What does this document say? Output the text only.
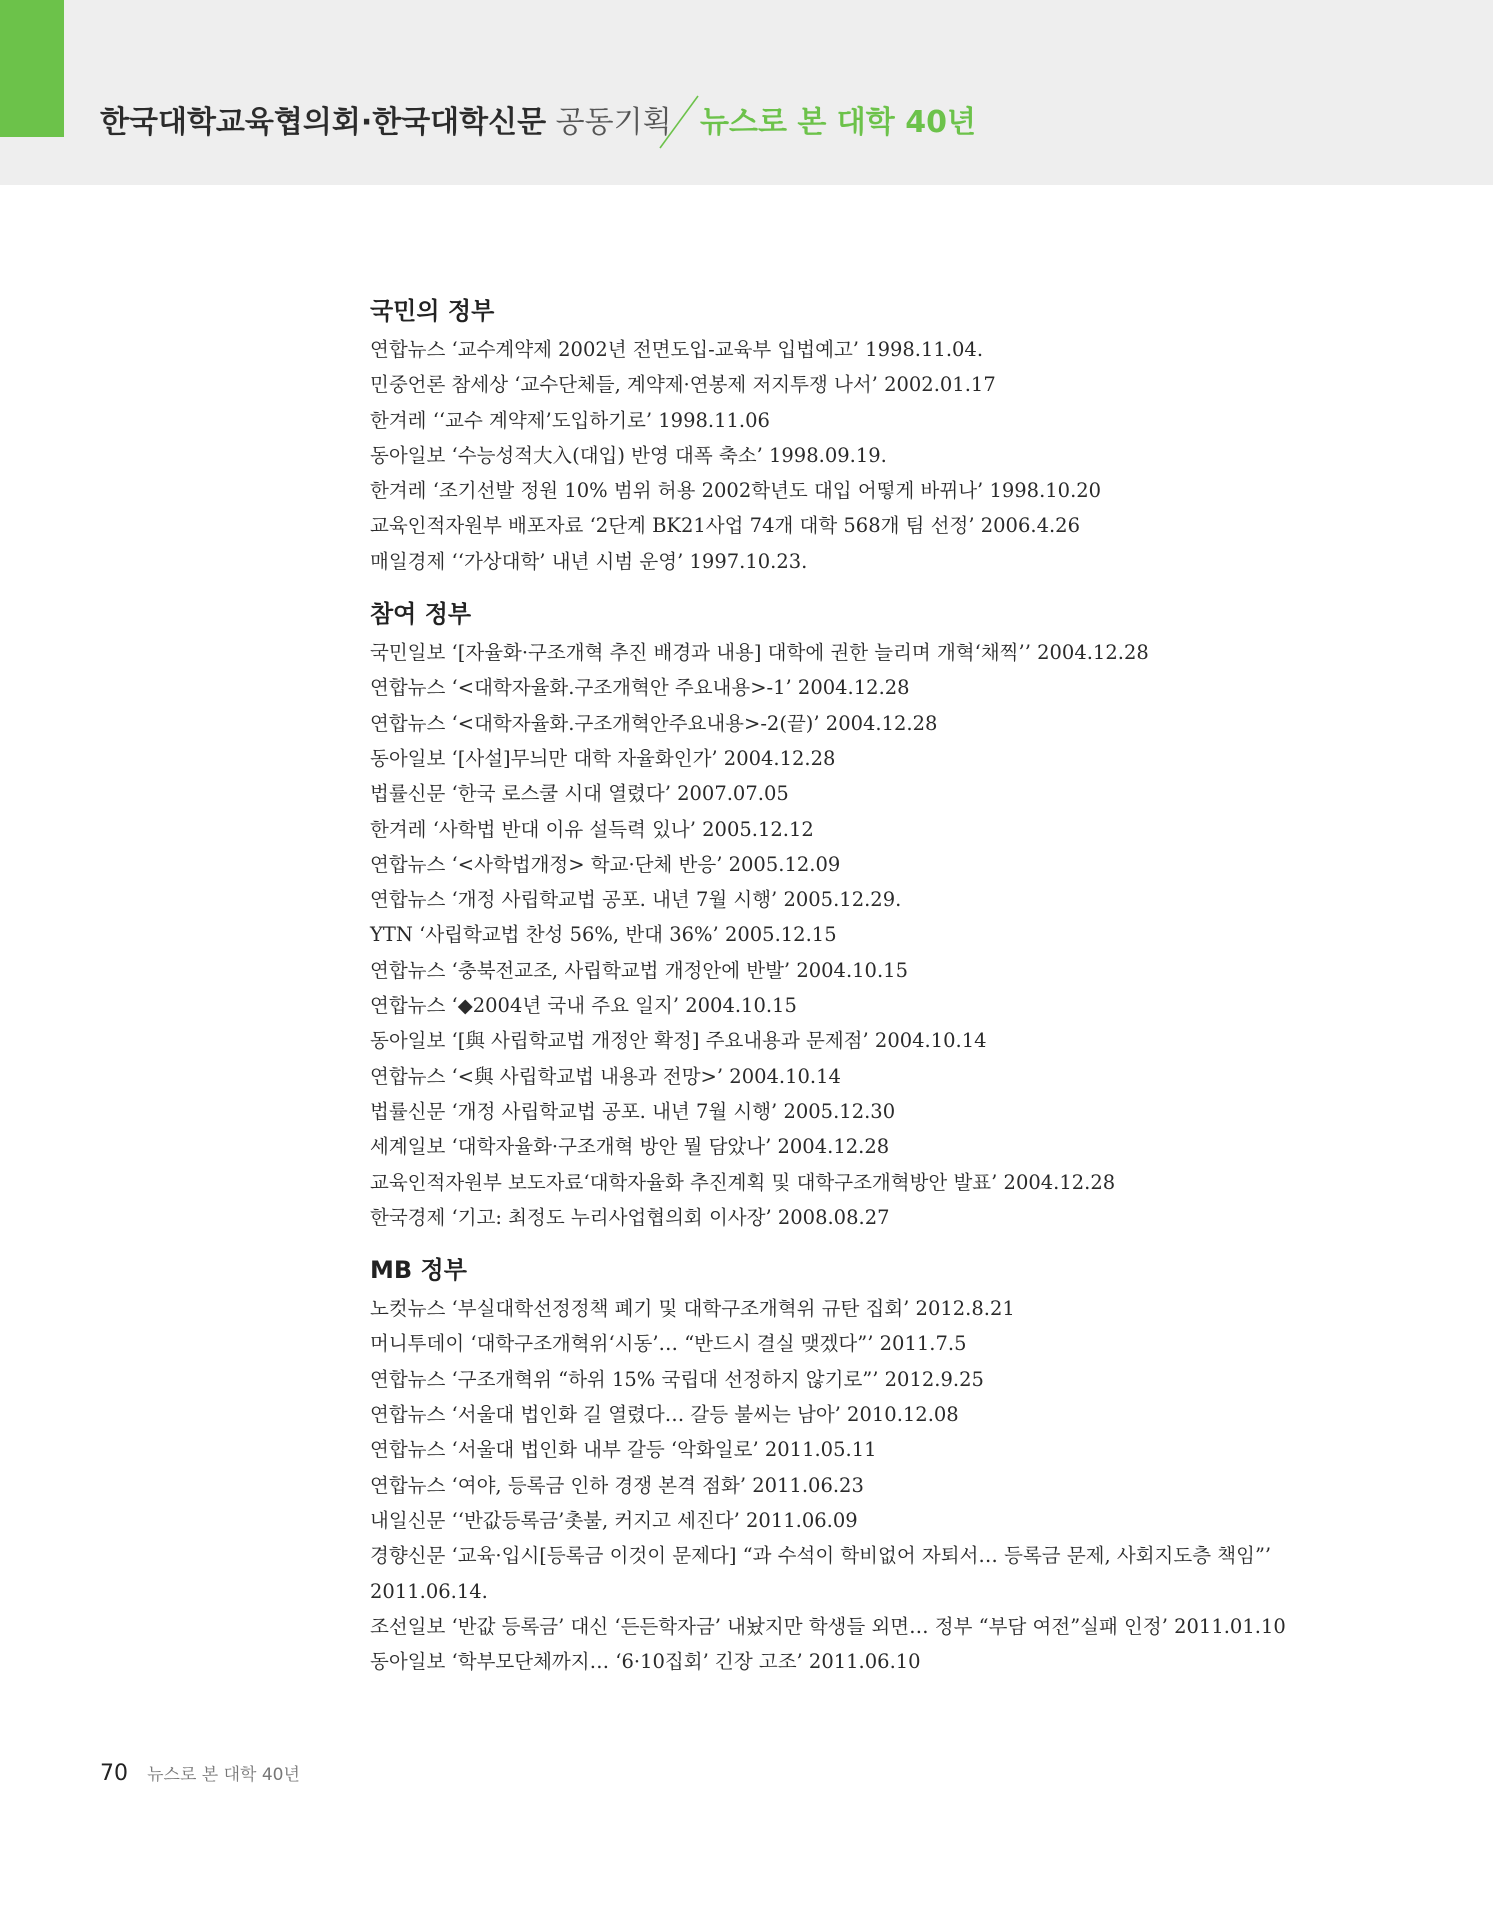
한국대학교육협의회·한국대학신문 공동기획 뉴스로 본 대학 40년
국민의 정부
연합뉴스 ‘교수계약제 2002년 전면도입-교육부 입법예고’ 1998.11.04.
민중언론 참세상 ‘교수단체들, 계약제·연봉제 저지투쟁 나서’ 2002.01.17
한겨레 ‘‘교수 계약제’도입하기로’ 1998.11.06
동아일보 ‘수능성적大入(대입) 반영 대폭 축소’ 1998.09.19.
한겨레 ‘조기선발 정원 10% 범위 허용 2002학년도 대입 어떻게 바뀌나’ 1998.10.20
교육인적자원부 배포자료 ‘2단계 BK21사업 74개 대학 568개 팀 선정’ 2006.4.26
매일경제 ‘‘가상대학’ 내년 시범 운영’ 1997.10.23.
참여 정부
국민일보 ‘[자율화·구조개혁 추진 배경과 내용] 대학에 권한 늘리며 개혁‘채찍’’ 2004.12.28
연합뉴스 ‘<대학자율화.구조개혁안 주요내용>-1’ 2004.12.28
연합뉴스 ‘<대학자율화.구조개혁안주요내용>-2(끝)’ 2004.12.28
동아일보 ‘[사설]무늬만 대학 자율화인가’ 2004.12.28
법률신문 ‘한국 로스쿨 시대 열렸다’ 2007.07.05
한겨레 ‘사학법 반대 이유 설득력 있나’ 2005.12.12
연합뉴스 ‘<사학법개정> 학교·단체 반응’ 2005.12.09
연합뉴스 ‘개정 사립학교법 공포. 내년 7월 시행’ 2005.12.29.
YTN ‘사립학교법 찬성 56%, 반대 36%’ 2005.12.15
연합뉴스 ‘충북전교조, 사립학교법 개정안에 반발’ 2004.10.15
연합뉴스 ‘◆2004년 국내 주요 일지’ 2004.10.15
동아일보 ‘[與 사립학교법 개정안 확정] 주요내용과 문제점’ 2004.10.14
연합뉴스 ‘<與 사립학교법 내용과 전망>’ 2004.10.14
법률신문 ‘개정 사립학교법 공포. 내년 7월 시행’ 2005.12.30
세계일보 ‘대학자율화·구조개혁 방안 뭘 담았나’ 2004.12.28
교육인적자원부 보도자료‘대학자율화 추진계획 및 대학구조개혁방안 발표’ 2004.12.28
한국경제 ‘기고: 최정도 누리사업협의회 이사장’ 2008.08.27
MB 정부
노컷뉴스 ‘부실대학선정정책 폐기 및 대학구조개혁위 규탄 집회’ 2012.8.21
머니투데이 ‘대학구조개혁위‘시동’… “반드시 결실 맺겠다”’ 2011.7.5
연합뉴스 ‘구조개혁위 “하위 15% 국립대 선정하지 않기로”’ 2012.9.25
연합뉴스 ‘서울대 법인화 길 열렸다… 갈등 불씨는 남아’ 2010.12.08
연합뉴스 ‘서울대 법인화 내부 갈등 ‘악화일로’ 2011.05.11
연합뉴스 ‘여야, 등록금 인하 경쟁 본격 점화’ 2011.06.23
내일신문 ‘‘반값등록금’촛불, 커지고 세진다’ 2011.06.09
경향신문 ‘교육·입시[등록금 이것이 문제다] “과 수석이 학비없어 자퇴서… 등록금 문제, 사회지도층 책임”’ 2011.06.14.
조선일보 ‘반값 등록금’ 대신 ‘든든학자금’ 내놨지만 학생들 외면… 정부 “부담 여전”실패 인정’ 2011.01.10
동아일보 ‘학부모단체까지… ‘6·10집회’ 긴장 고조’ 2011.06.10
70 뉴스로 본 대학 40년
